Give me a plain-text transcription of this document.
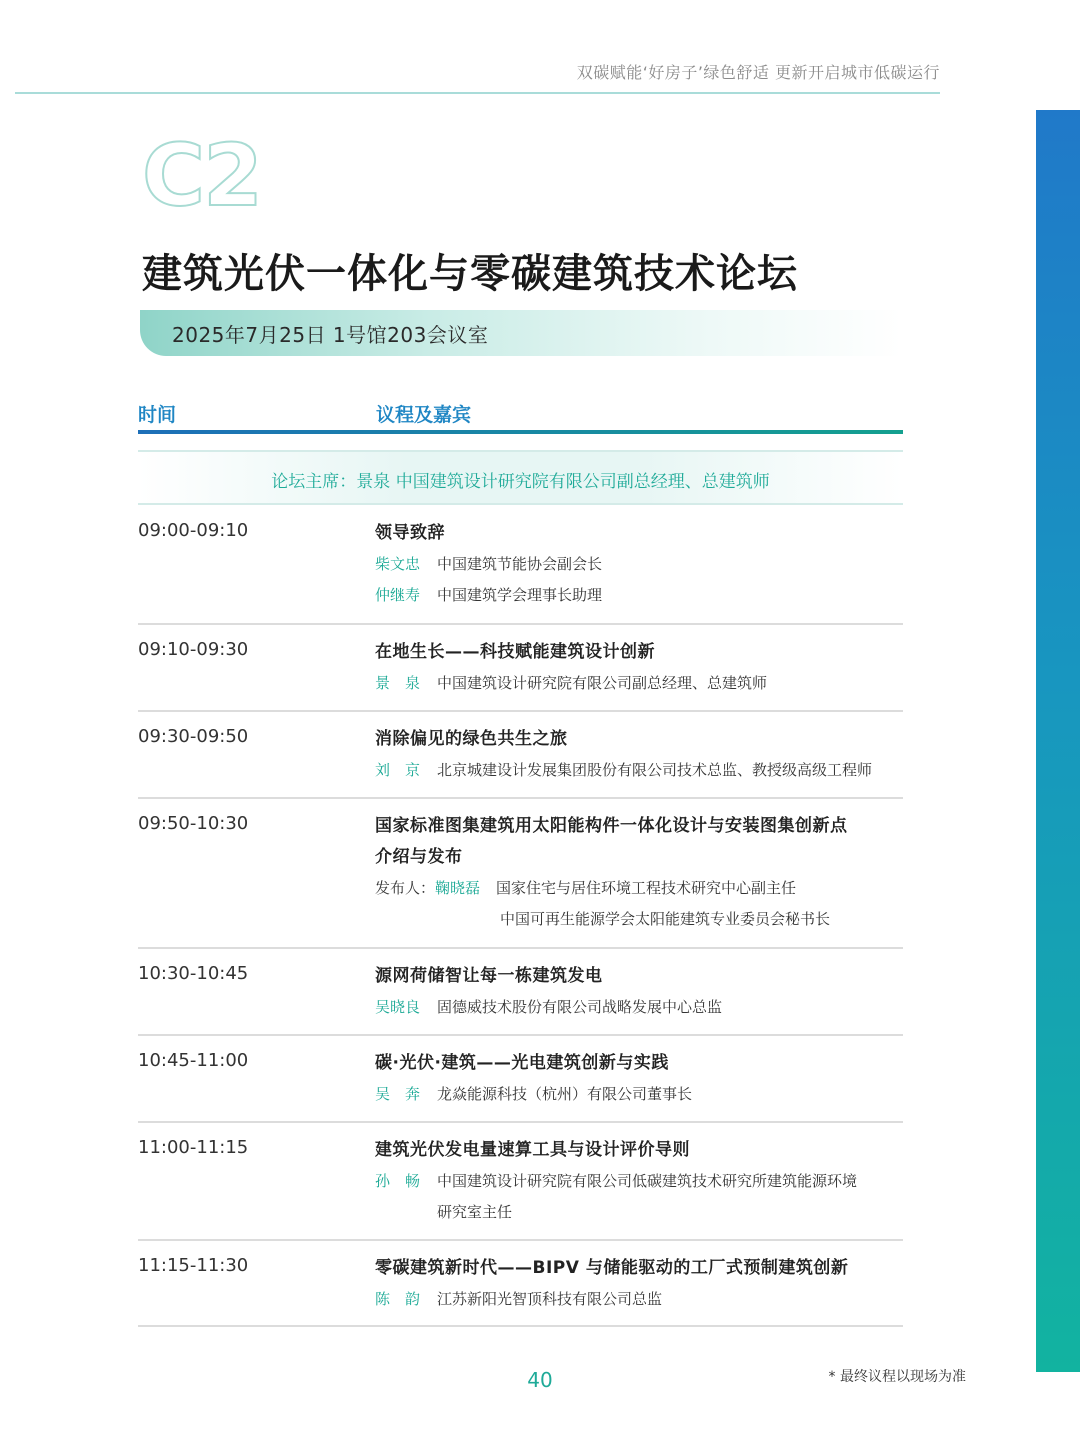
双碳赋能‘好房子’绿色舒适 更新开启城市低碳运行
C2
建筑光伏一体化与零碳建筑技术论坛
2025年7月25日 1号馆203会议室
时间	议程及嘉宾
论坛主席：景泉 中国建筑设计研究院有限公司副总经理、总建筑师
09:00-09:10	领导致辞
柴文忠	中国建筑节能协会副会长
仲继寿	中国建筑学会理事长助理
09:10-09:30	在地生长——科技赋能建筑设计创新
景　泉	中国建筑设计研究院有限公司副总经理、总建筑师
09:30-09:50	消除偏见的绿色共生之旅
刘　京	北京城建设计发展集团股份有限公司技术总监、教授级高级工程师
09:50-10:30	国家标准图集建筑用太阳能构件一体化设计与安装图集创新点
介绍与发布
发布人： 鞠晓磊 国家住宅与居住环境工程技术研究中心副主任
中国可再生能源学会太阳能建筑专业委员会秘书长
10:30-10:45	源网荷储智让每一栋建筑发电
吴晓良	固德威技术股份有限公司战略发展中心总监
10:45-11:00	碳·光伏·建筑——光电建筑创新与实践
吴　奔	龙焱能源科技（杭州）有限公司董事长
11:00-11:15	建筑光伏发电量速算工具与设计评价导则
孙　畅	中国建筑设计研究院有限公司低碳建筑技术研究所建筑能源环境
研究室主任
11:15-11:30	零碳建筑新时代——BIPV 与储能驱动的工厂式预制建筑创新
陈　韵	江苏新阳光智顶科技有限公司总监
40	* 最终议程以现场为准
